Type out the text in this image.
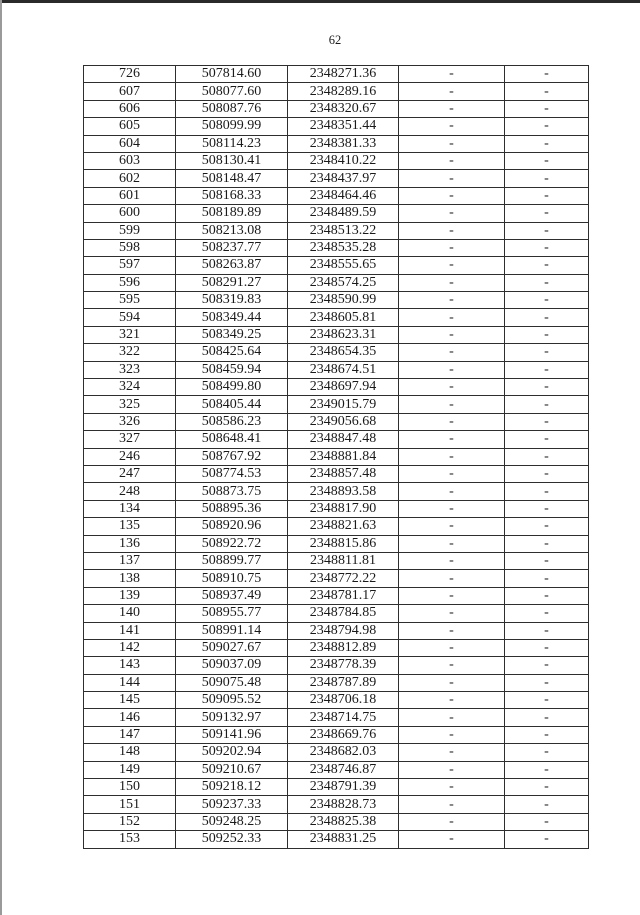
62
726	507814.60	2348271.36	-	-
607	508077.60	2348289.16	-	-
606	508087.76	2348320.67	-	-
605	508099.99	2348351.44	-	-
604	508114.23	2348381.33	-	-
603	508130.41	2348410.22	-	-
602	508148.47	2348437.97	-	-
601	508168.33	2348464.46	-	-
600	508189.89	2348489.59	-	-
599	508213.08	2348513.22	-	-
598	508237.77	2348535.28	-	-
597	508263.87	2348555.65	-	-
596	508291.27	2348574.25	-	-
595	508319.83	2348590.99	-	-
594	508349.44	2348605.81	-	-
321	508349.25	2348623.31	-	-
322	508425.64	2348654.35	-	-
323	508459.94	2348674.51	-	-
324	508499.80	2348697.94	-	-
325	508405.44	2349015.79	-	-
326	508586.23	2349056.68	-	-
327	508648.41	2348847.48	-	-
246	508767.92	2348881.84	-	-
247	508774.53	2348857.48	-	-
248	508873.75	2348893.58	-	-
134	508895.36	2348817.90	-	-
135	508920.96	2348821.63	-	-
136	508922.72	2348815.86	-	-
137	508899.77	2348811.81	-	-
138	508910.75	2348772.22	-	-
139	508937.49	2348781.17	-	-
140	508955.77	2348784.85	-	-
141	508991.14	2348794.98	-	-
142	509027.67	2348812.89	-	-
143	509037.09	2348778.39	-	-
144	509075.48	2348787.89	-	-
145	509095.52	2348706.18	-	-
146	509132.97	2348714.75	-	-
147	509141.96	2348669.76	-	-
148	509202.94	2348682.03	-	-
149	509210.67	2348746.87	-	-
150	509218.12	2348791.39	-	-
151	509237.33	2348828.73	-	-
152	509248.25	2348825.38	-	-
153	509252.33	2348831.25	-	-
